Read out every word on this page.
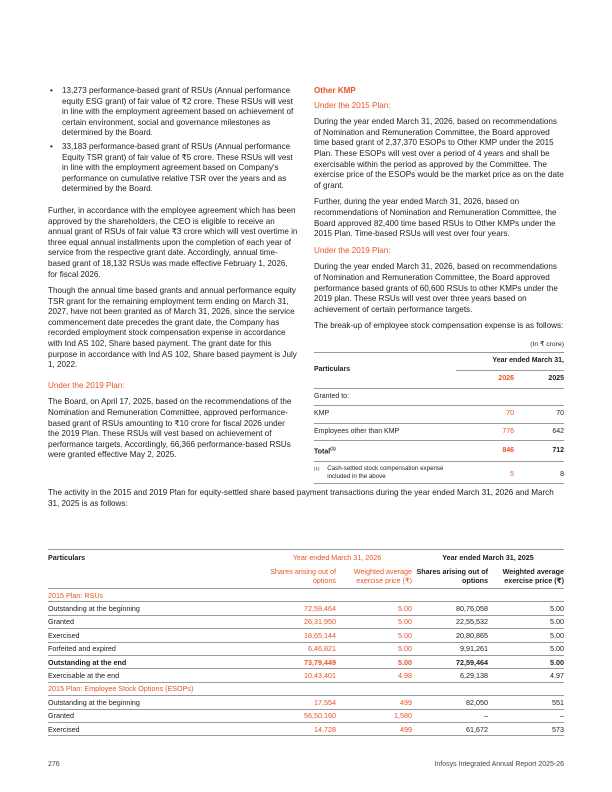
• 13,273 performance-based grant of RSUs (Annual performance equity ESG grant) of fair value of ₹2 crore. These RSUs will vest in line with the employment agreement based on achievement of certain environment, social and governance milestones as determined by the Board.
• 33,183 performance-based grant of RSUs (Annual performance Equity TSR grant) of fair value of ₹5 crore. These RSUs will vest in line with the employment agreement based on Company's performance on cumulative relative TSR over the years and as determined by the Board.

Further, in accordance with the employee agreement which has been approved by the shareholders, the CEO is eligible to receive an annual grant of RSUs of fair value ₹3 crore which will vest overtime in three equal annual installments upon the completion of each year of service from the respective grant date. Accordingly, annual time-based grant of 18,132 RSUs was made effective February 1, 2026, for fiscal 2026.

Though the annual time based grants and annual performance equity TSR grant for the remaining employment term ending on March 31, 2027, have not been granted as of March 31, 2026, since the service commencement date precedes the grant date, the Company has recorded employment stock compensation expense in accordance with Ind AS 102, Share based payment. The grant date for this purpose in accordance with Ind AS 102, Share based payment is July 1, 2022.

Under the 2019 Plan:

The Board, on April 17, 2025, based on the recommendations of the Nomination and Remuneration Committee, approved performance-based grant of RSUs amounting to ₹10 crore for fiscal 2026 under the 2019 Plan. These RSUs will vest based on achievement of performance targets. Accordingly, 66,366 performance-based RSUs were granted effective May 2, 2025.

Other KMP
Under the 2015 Plan:

During the year ended March 31, 2026, based on recommendations of Nomination and Remuneration Committee, the Board approved time based grant of 2,37,370 ESOPs to Other KMP under the 2015 Plan. These ESOPs will vest over a period of 4 years and shall be exercisable within the period as approved by the Committee. The exercise price of the ESOPs would be the market price as on the date of grant.

Further, during the year ended March 31, 2026, based on recommendations of Nomination and Remuneration Committee, the Board approved 82,400 time based RSUs to Other KMPs under the 2015 Plan. Time-based RSUs will vest over four years.

Under the 2019 Plan:

During the year ended March 31, 2026, based on recommendations of Nomination and Remuneration Committee, the Board approved performance based grants of 60,600 RSUs to other KMPs under the 2019 plan. These RSUs will vest over three years based on achievement of certain performance targets.

The break-up of employee stock compensation expense is as follows:

(In ₹ crore)
Particulars	Year ended March 31,	
	2026	2025
Granted to:		
KMP	70	70
Employees other than KMP	776	642
Total$^{(1)}$	846	712
$^{(1)}$ Cash-settled stock compensation expense included in the above	5	8
The activity in the 2015 and 2019 Plan for equity-settled share based payment transactions during the year ended March 31, 2026 and March 31, 2025 is as follows:
Particulars	Year ended March 31, 2026		Year ended March 31, 2025	
	Shares arising out of options	Weighted average exercise price (₹)	Shares arising out of options	Weighted average exercise price (₹)
2015 Plan: RSUs				
Outstanding at the beginning	72,59,464	5.00	80,76,058	5.00
Granted	26,31,950	5.00	22,55,532	5.00
Exercised	18,65,144	5.00	20,80,865	5.00
Forfeited and expired	6,46,821	5.00	9,91,261	5.00
Outstanding at the end	73,79,449	5.00	72,59,464	5.00
Exercisable at the end	10,43,401	4.98	6,29,138	4.97
2015 Plan: Employee Stock Options (ESOPs)				
Outstanding at the beginning	17,554	499	82,050	551
Granted	56,50,160	1,580	–	–
Exercised	14,728	499	61,672	573
276	Infosys Integrated Annual Report 2025-26
